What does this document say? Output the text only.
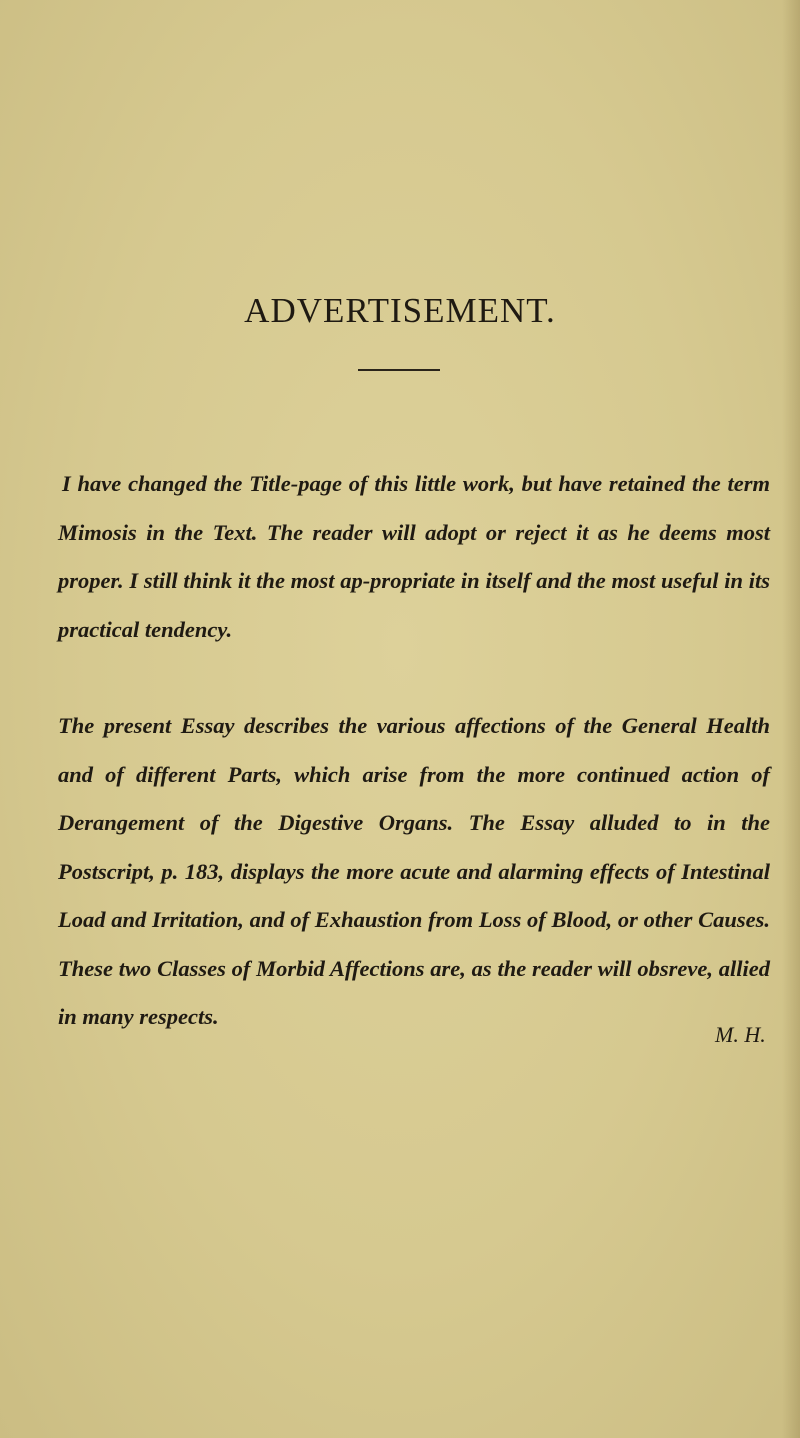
ADVERTISEMENT.

I have changed the Title-page of this little work, but have retained the term Mimosis in the Text. The reader will adopt or reject it as he deems most proper. I still think it the most ap-propriate in itself and the most useful in its practical tendency.

The present Essay describes the various affections of the General Health and of different Parts, which arise from the more continued action of Derangement of the Digestive Organs. The Essay alluded to in the Postscript, p. 183, displays the more acute and alarming effects of Intestinal Load and Irritation, and of Exhaustion from Loss of Blood, or other Causes. These two Classes of Morbid Affections are, as the reader will obsreve, allied in many respects.

M. H.
